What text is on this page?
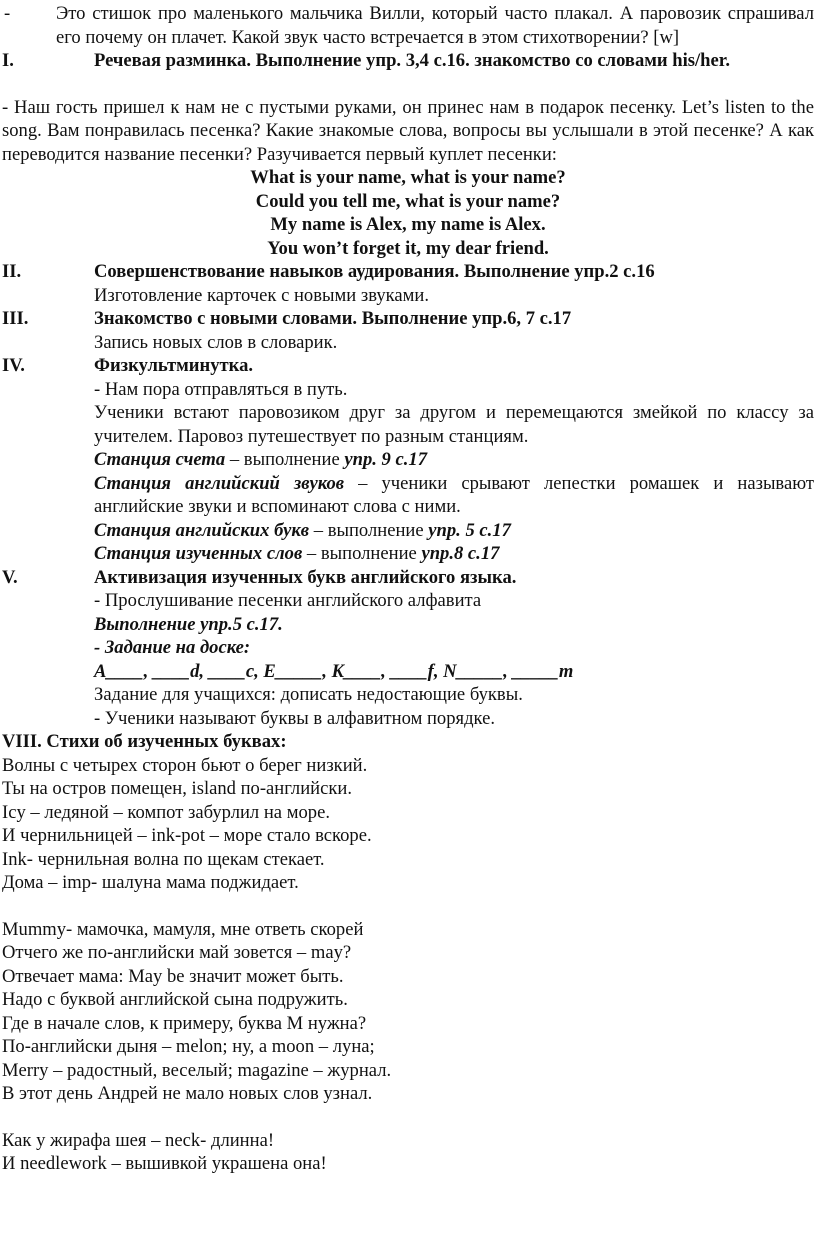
-	Это стишок про маленького мальчика Вилли, который часто плакал. А паровозик спрашивал его почему он плачет. Какой звук часто встречается в этом стихотворении? [w]

I.	Речевая разминка. Выполнение упр. 3,4 с.16. знакомство со словами his/her.

- Наш гость пришел к нам не с пустыми руками, он принес нам в подарок песенку. Let’s listen to the song. Вам понравилась песенка? Какие знакомые слова, вопросы вы услышали в этой песенке? А как переводится название песенки? Разучивается первый куплет песенки:

What is your name, what is your name?

Could you tell me, what is your name?

My name is Alex, my name is Alex.

You won’t forget it, my dear friend.

II.	Совершенствование навыков аудирования. Выполнение упр.2 с.16

Изготовление карточек с новыми звуками.

III.	Знакомство с новыми словами. Выполнение упр.6, 7 с.17

Запись новых слов в словарик.

IV.	Физкультминутка.

- Нам пора отправляться в путь.

Ученики встают паровозиком друг за другом и перемещаются змейкой по классу за учителем. Паровоз путешествует по разным станциям.

Станция счета – выполнение упр. 9 с.17

Станция английский звуков – ученики срывают лепестки ромашек и называют английские звуки и вспоминают слова с ними.

Станция английских букв – выполнение упр. 5 с.17

Станция изученных слов – выполнение упр.8 с.17

V.	Активизация изученных букв английского языка.

- Прослушивание песенки английского алфавита

Выполнение упр.5 с.17.

- Задание на доске:

A____, ____d, ____c, E_____, K____, ____f, N_____, _____m

Задание для учащихся: дописать недостающие буквы.

- Ученики называют буквы в алфавитном порядке.

VIII. Стихи об изученных буквах:

Волны с четырех сторон бьют о берег низкий.

Ты на остров помещен, island по-английски.

Icy – ледяной – компот забурлил на море.

И чернильницей – ink-pot – море стало вскоре.

Ink- чернильная волна по щекам стекает.

Дома – imp- шалуна мама поджидает.

Mummy- мамочка, мамуля, мне ответь скорей

Отчего же по-английски май зовется – may?

Отвечает мама: May be значит может быть.

Надо с буквой английской сына подружить.

Где в начале слов, к примеру, буква M нужна?

По-английски дыня – melon; ну, а moon – луна;

Merry – радостный, веселый; magazine – журнал.

В этот день Андрей не мало новых слов узнал.

Как у жирафа шея – neck- длинна!

И needlework – вышивкой украшена она!
